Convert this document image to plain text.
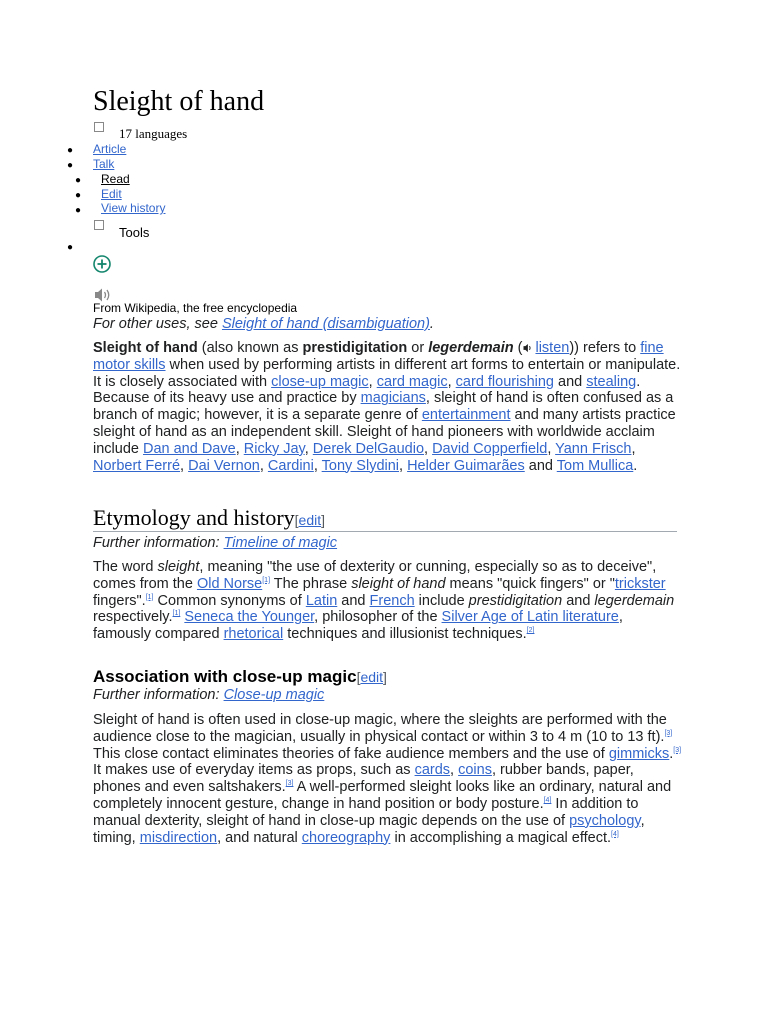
Sleight of hand
17 languages
● Article
● Talk
● Read
● Edit
● View history
Tools
●
From Wikipedia, the free encyclopedia
For other uses, see Sleight of hand (disambiguation).

Sleight of hand (also known as prestidigitation or legerdemain ( listen)) refers to fine motor skills when used by performing artists in different art forms to entertain or manipulate. It is closely associated with close-up magic, card magic, card flourishing and stealing. Because of its heavy use and practice by magicians, sleight of hand is often confused as a branch of magic; however, it is a separate genre of entertainment and many artists practice sleight of hand as an independent skill. Sleight of hand pioneers with worldwide acclaim include Dan and Dave, Ricky Jay, Derek DelGaudio, David Copperfield, Yann Frisch, Norbert Ferré, Dai Vernon, Cardini, Tony Slydini, Helder Guimarães and Tom Mullica.

Etymology and history[edit]
Further information: Timeline of magic

The word sleight, meaning "the use of dexterity or cunning, especially so as to deceive", comes from the Old Norse[1] The phrase sleight of hand means "quick fingers" or "trickster fingers".[1] Common synonyms of Latin and French include prestidigitation and legerdemain respectively.[1] Seneca the Younger, philosopher of the Silver Age of Latin literature, famously compared rhetorical techniques and illusionist techniques.[2]

Association with close-up magic[edit]
Further information: Close-up magic

Sleight of hand is often used in close-up magic, where the sleights are performed with the audience close to the magician, usually in physical contact or within 3 to 4 m (10 to 13 ft).[3] This close contact eliminates theories of fake audience members and the use of gimmicks.[3] It makes use of everyday items as props, such as cards, coins, rubber bands, paper, phones and even saltshakers.[3] A well-performed sleight looks like an ordinary, natural and completely innocent gesture, change in hand position or body posture.[4] In addition to manual dexterity, sleight of hand in close-up magic depends on the use of psychology, timing, misdirection, and natural choreography in accomplishing a magical effect.[4]
